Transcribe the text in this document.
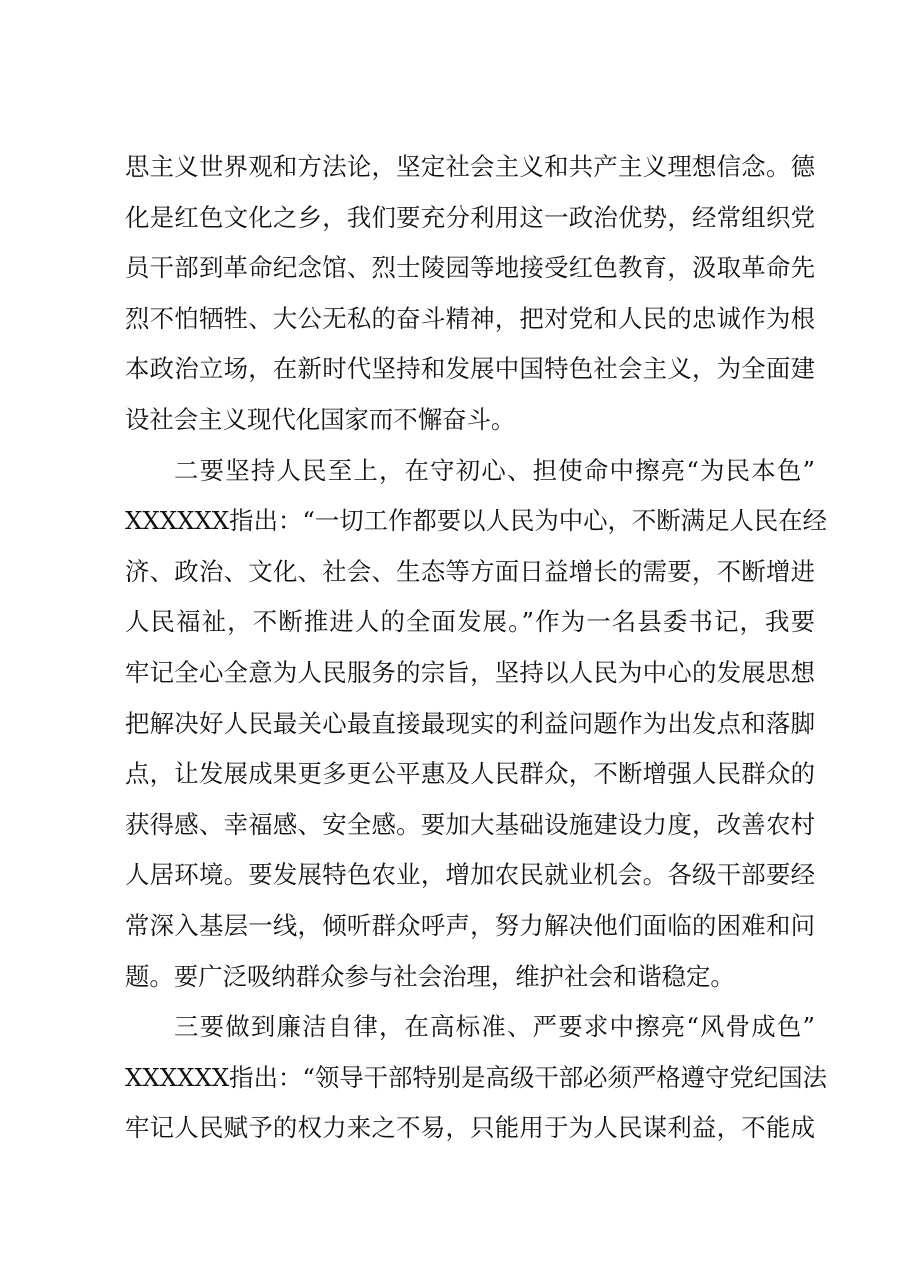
思主义世界观和方法论，坚定社会主义和共产主义理想信念。德
化是红色文化之乡，我们要充分利用这一政治优势，经常组织党
员干部到革命纪念馆、烈士陵园等地接受红色教育，汲取革命先
烈不怕牺牲、大公无私的奋斗精神，把对党和人民的忠诚作为根
本政治立场，在新时代坚持和发展中国特色社会主义，为全面建
设社会主义现代化国家而不懈奋斗。
二要坚持人民至上，在守初心、担使命中擦亮“为民本色”
XXXXXX指出：“一切工作都要以人民为中心，不断满足人民在经
济、政治、文化、社会、生态等方面日益增长的需要，不断增进
人民福祉，不断推进人的全面发展。”作为一名县委书记，我要
牢记全心全意为人民服务的宗旨，坚持以人民为中心的发展思想
把解决好人民最关心最直接最现实的利益问题作为出发点和落脚
点，让发展成果更多更公平惠及人民群众，不断增强人民群众的
获得感、幸福感、安全感。要加大基础设施建设力度，改善农村
人居环境。要发展特色农业，增加农民就业机会。各级干部要经
常深入基层一线，倾听群众呼声，努力解决他们面临的困难和问
题。要广泛吸纳群众参与社会治理，维护社会和谐稳定。
三要做到廉洁自律，在高标准、严要求中擦亮“风骨成色”
XXXXXX指出：“领导干部特别是高级干部必须严格遵守党纪国法
牢记人民赋予的权力来之不易，只能用于为人民谋利益，不能成
